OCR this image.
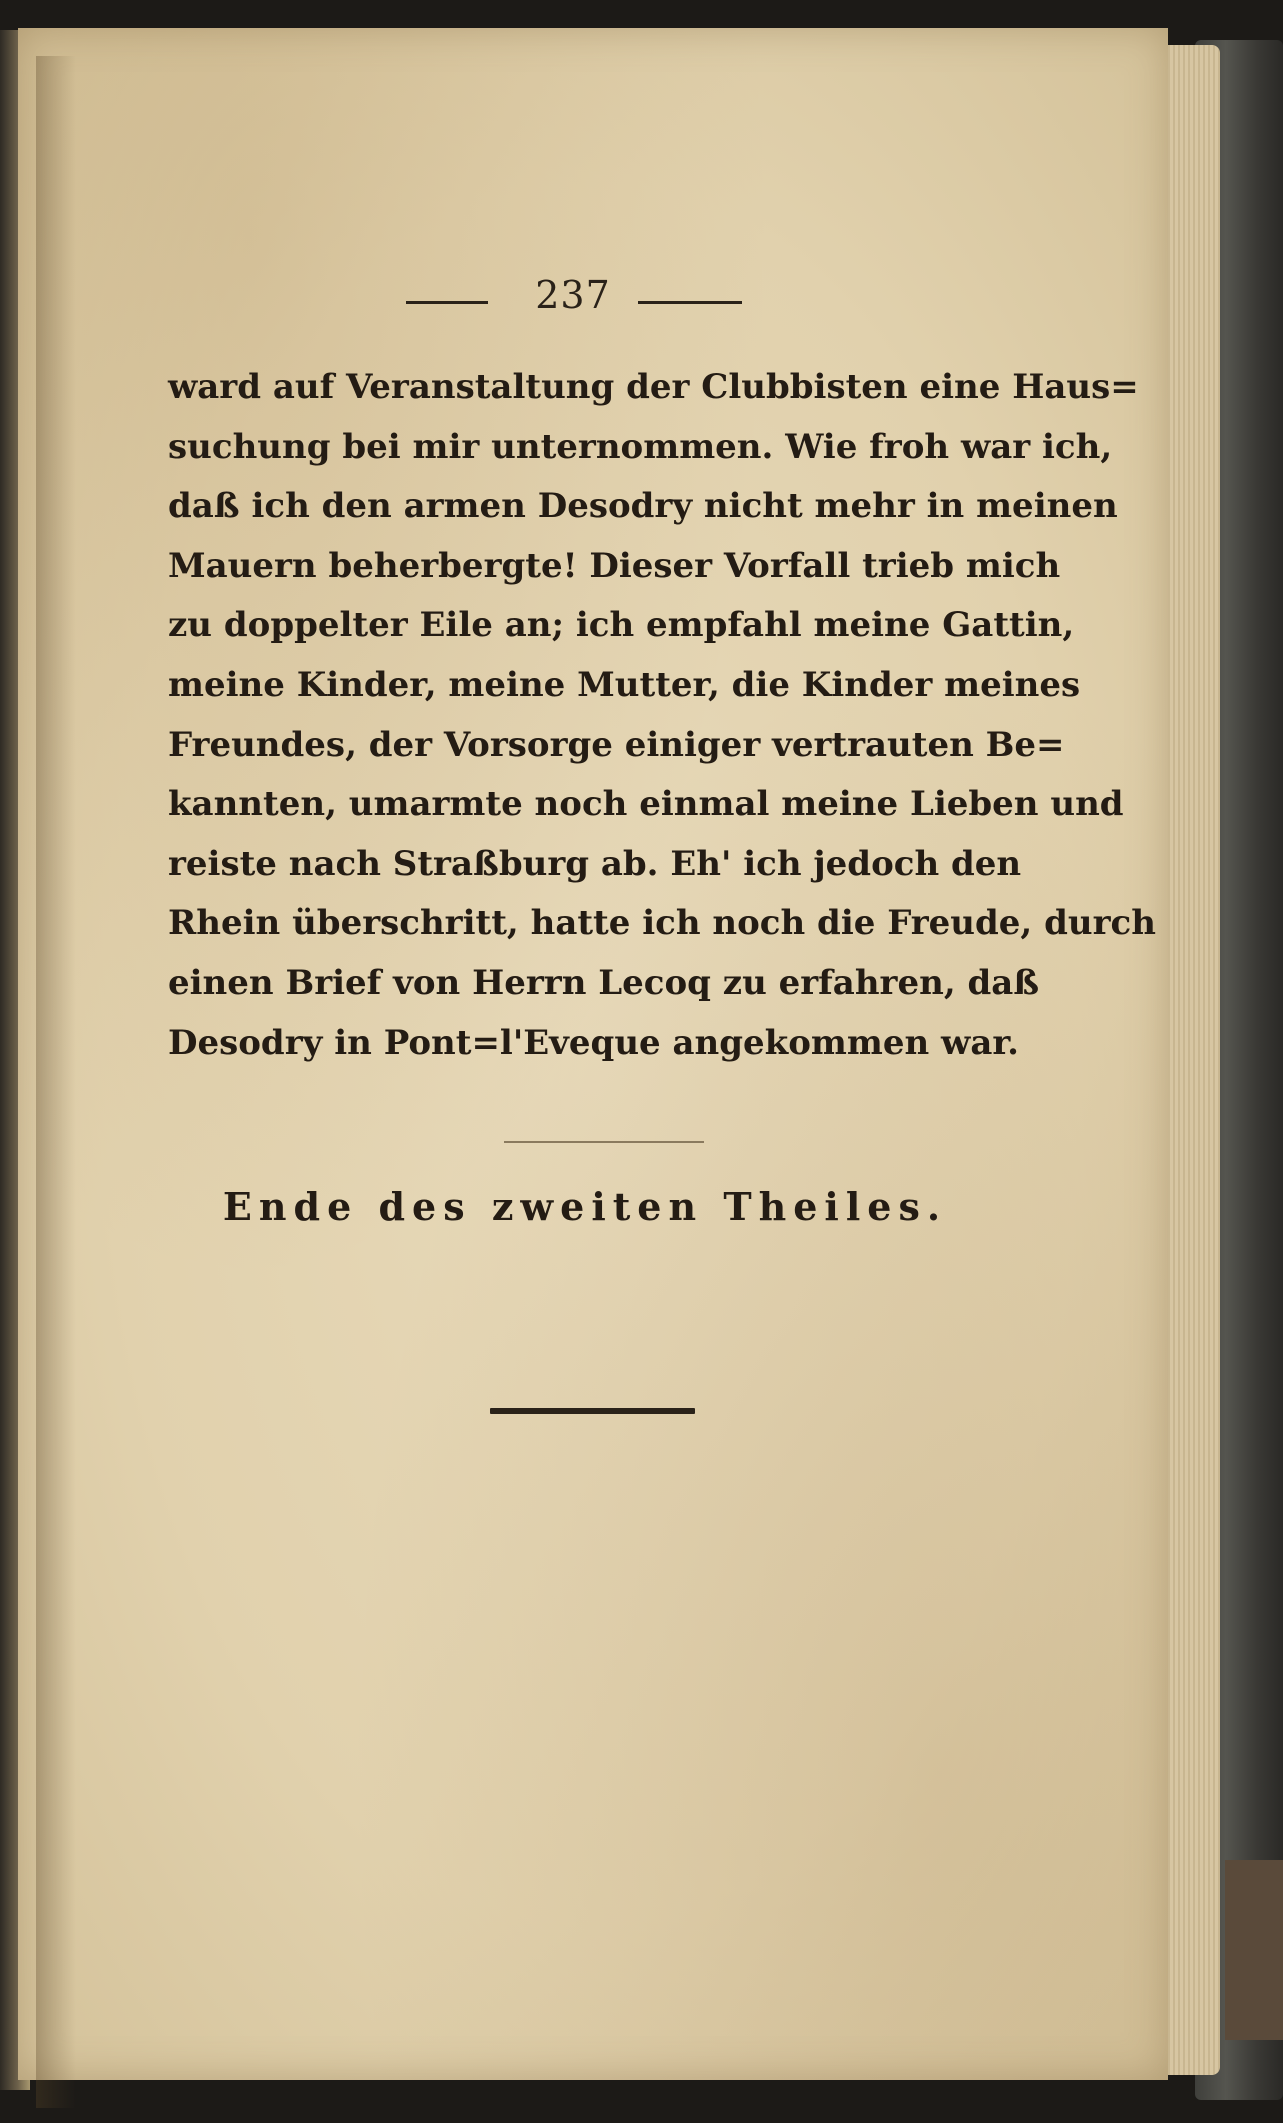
237
ward auf Veranstaltung der Clubbisten eine Haus=
suchung bei mir unternommen. Wie froh war ich,
daß ich den armen Desodry nicht mehr in meinen
Mauern beherbergte! Dieser Vorfall trieb mich
zu doppelter Eile an; ich empfahl meine Gattin,
meine Kinder, meine Mutter, die Kinder meines
Freundes, der Vorsorge einiger vertrauten Be=
kannten, umarmte noch einmal meine Lieben und
reiste nach Straßburg ab. Eh' ich jedoch den
Rhein überschritt, hatte ich noch die Freude, durch
einen Brief von Herrn Lecoq zu erfahren, daß
Desodry in Pont=l'Eveque angekommen war.
Ende des zweiten Theiles.
